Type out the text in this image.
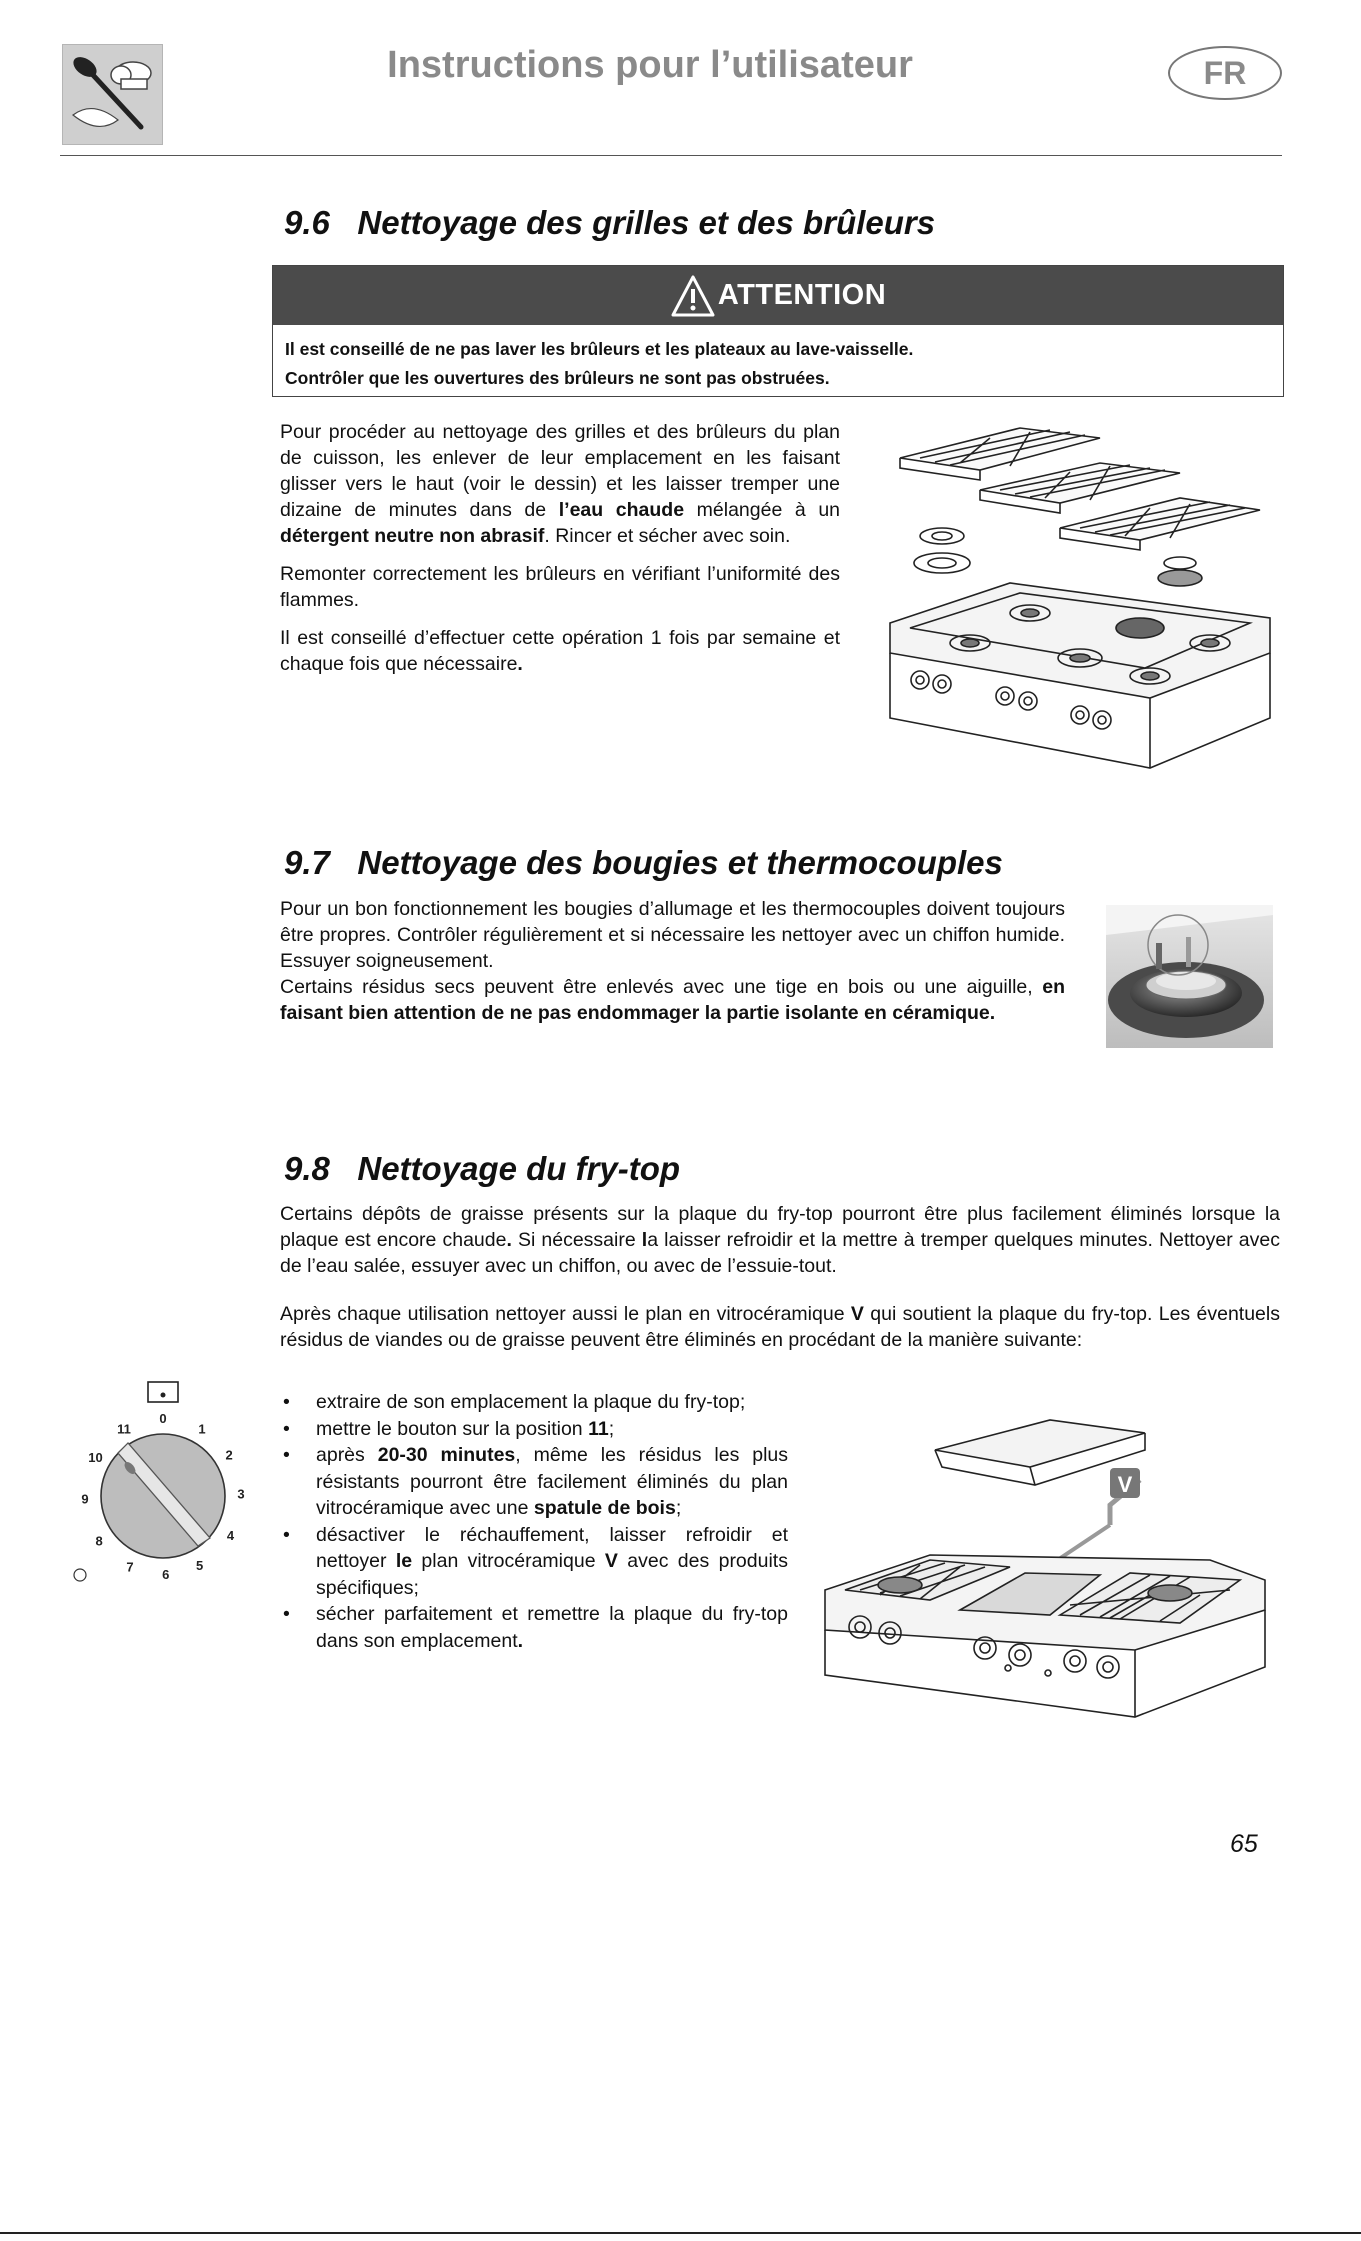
Instructions pour l’utilisateur	FR
9.6 Nettoyage des grilles et des brûleurs
ATTENTION
Il est conseillé de ne pas laver les brûleurs et les plateaux au lave-vaisselle.
Contrôler que les ouvertures des brûleurs ne sont pas obstruées.

Pour procéder au nettoyage des grilles et des brûleurs du plan de cuisson, les enlever de leur emplacement en les faisant glisser vers le haut (voir le dessin) et les laisser tremper une dizaine de minutes dans de l’eau chaude mélangée à un détergent neutre non abrasif. Rincer et sécher avec soin.

Remonter correctement les brûleurs en vérifiant l’uniformité des flammes.

Il est conseillé d’effectuer cette opération 1 fois par semaine et chaque fois que nécessaire.

9.7 Nettoyage des bougies et thermocouples

Pour un bon fonctionnement les bougies d’allumage et les thermocouples doivent toujours être propres. Contrôler régulièrement et si nécessaire les nettoyer avec un chiffon humide. Essuyer soigneusement.

Certains résidus secs peuvent être enlevés avec une tige en bois ou une aiguille, en faisant bien attention de ne pas endommager la partie isolante en céramique.

9.8 Nettoyage du fry-top

Certains dépôts de graisse présents sur la plaque du fry-top pourront être plus facilement éliminés lorsque la plaque est encore chaude. Si nécessaire la laisser refroidir et la mettre à tremper quelques minutes. Nettoyer avec de l’eau salée, essuyer avec un chiffon, ou avec de l’essuie-tout.

Après chaque utilisation nettoyer aussi le plan en vitrocéramique V qui soutient la plaque du fry-top. Les éventuels résidus de viandes ou de graisse peuvent être éliminés en procédant de la manière suivante:

• extraire de son emplacement la plaque du fry-top;
• mettre le bouton sur la position 11;
• après 20-30 minutes, même les résidus les plus résistants pourront être facilement éliminés du plan vitrocéramique avec une spatule de bois;
• désactiver le réchauffement, laisser refroidir et nettoyer le plan vitrocéramique V avec des produits spécifiques;
• sécher parfaitement et remettre la plaque du fry-top dans son emplacement.
0
1
2
3
4
5
6
7
8
9
10
11
V
65
